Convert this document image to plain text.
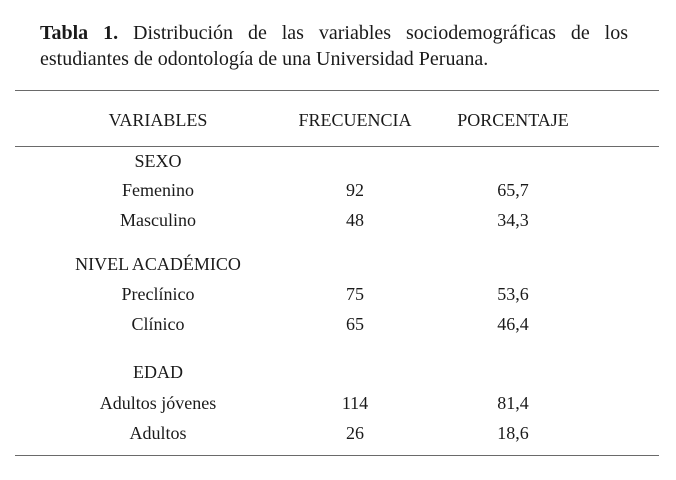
Tabla 1. Distribución de las variables sociodemográficas de los estudiantes de odontología de una Universidad Peruana.
VARIABLES	FRECUENCIA	PORCENTAJE
SEXO
Femenino	92	65,7
Masculino	48	34,3
NIVEL ACADÉMICO
Preclínico	75	53,6
Clínico	65	46,4
EDAD
Adultos jóvenes	114	81,4
Adultos	26	18,6
